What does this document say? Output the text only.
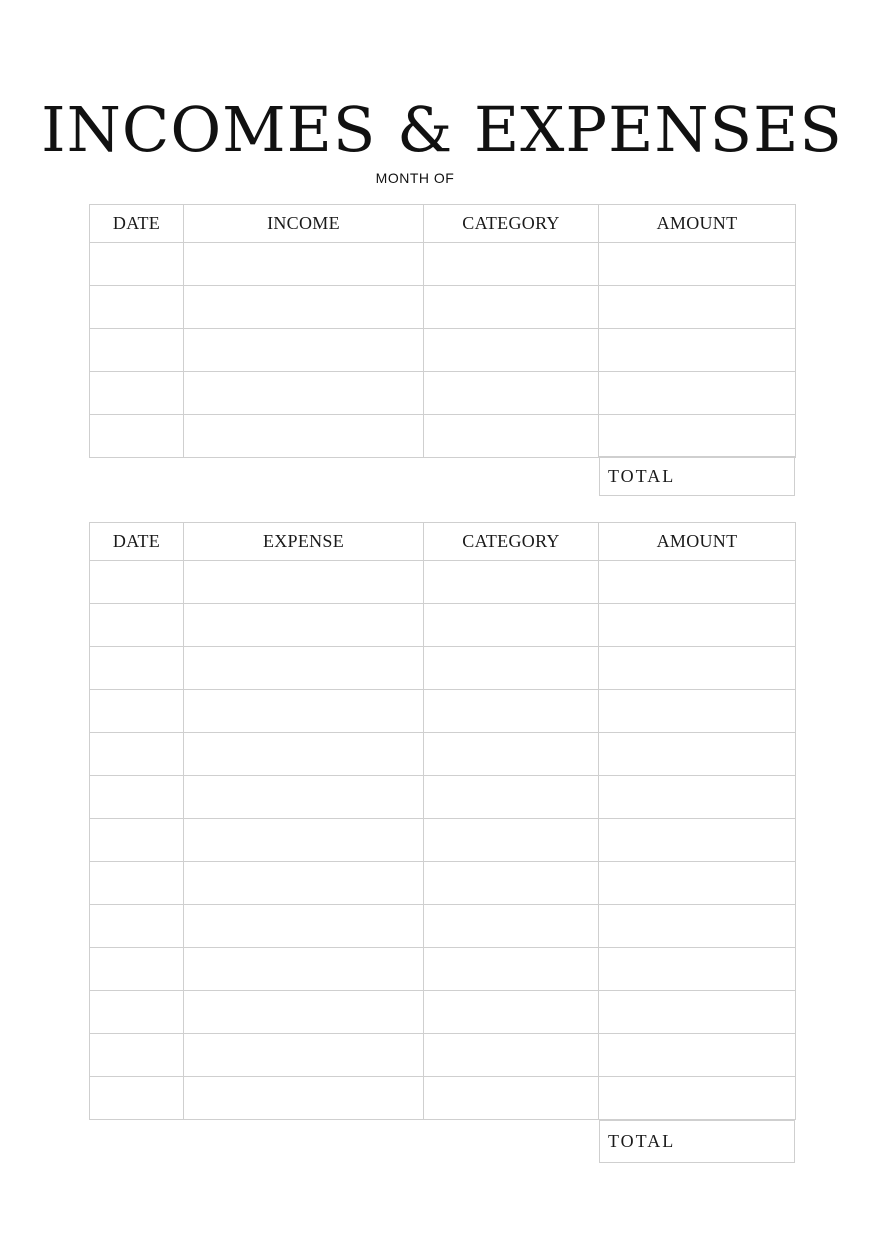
INCOMES & EXPENSES

MONTH OF

DATE	INCOME	CATEGORY	AMOUNT

TOTAL
DATE	EXPENSE	CATEGORY	AMOUNT

TOTAL
